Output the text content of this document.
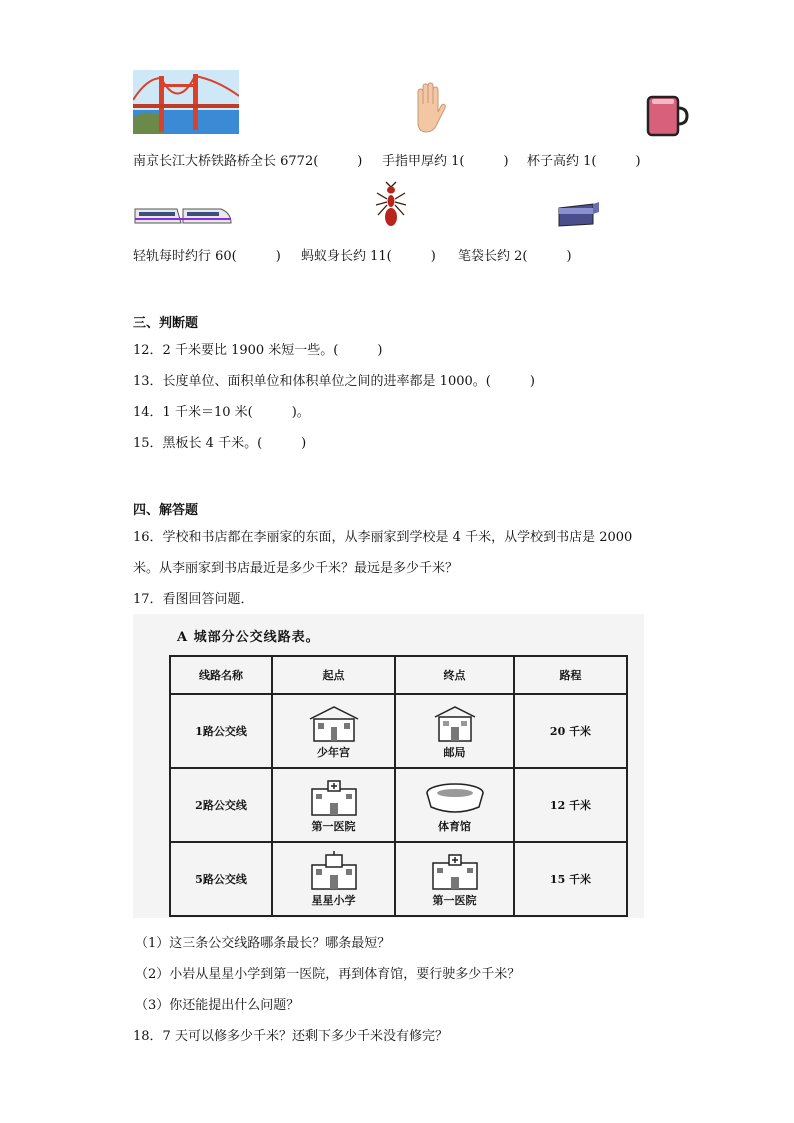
南京长江大桥铁路桥全长 6772(　　　) 手指甲厚约 1(　　　) 杯子高约 1(　　　)
轻轨每时约行 60(　　　) 蚂蚁身长约 11(　　　) 笔袋长约 2(　　　)
三、判断题
12．2 千米要比 1900 米短一些。(　　　)
13．长度单位、面积单位和体积单位之间的进率都是 1000。(　　　)
14．1 千米＝10 米(　　　)。
15．黑板长 4 千米。(　　　)
四、解答题
16．学校和书店都在李丽家的东面，从李丽家到学校是 4 千米，从学校到书店是 2000
米。从李丽家到书店最近是多少千米？最远是多少千米？
17．看图回答问题．
A 城部分公交线路表。
线路名称	起点	终点	路程
1路公交线	少年宫	邮局	20 千米
2路公交线	第一医院	体育馆	12 千米
5路公交线	星星小学	第一医院	15 千米
（1）这三条公交线路哪条最长？哪条最短？
（2）小岩从星星小学到第一医院，再到体育馆，要行驶多少千米？
（3）你还能提出什么问题？
18．7 天可以修多少千米？还剩下多少千米没有修完？
